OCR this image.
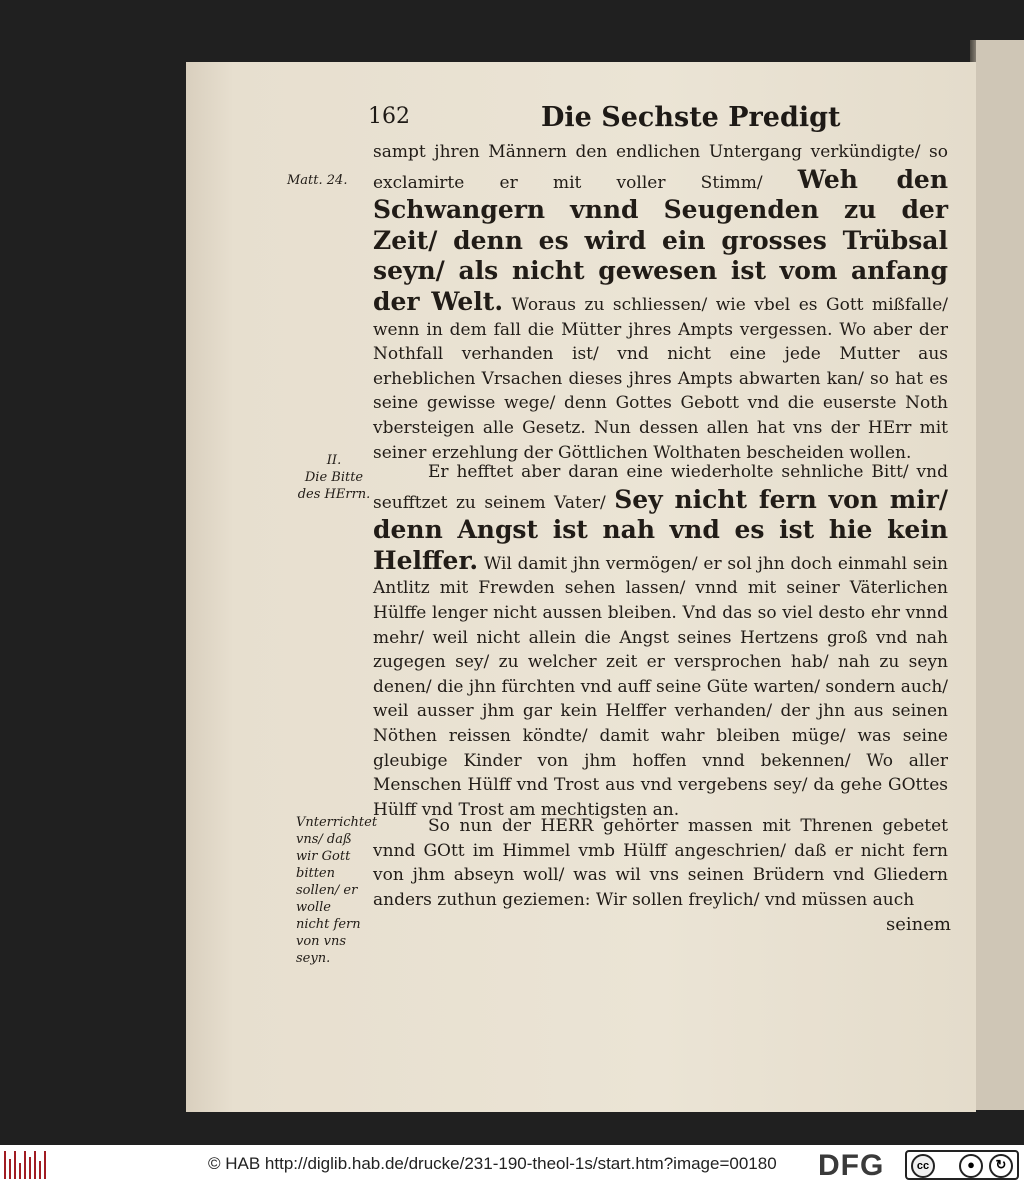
162	Die Sechste Predigt
Matt. 24.
sampt jhren Männern den endlichen Untergang verkündigte/ so exclamirte er mit voller Stimm/ Weh den Schwangern vnnd Seugenden zu der Zeit/ denn es wird ein grosses Trübsal seyn/ als nicht gewesen ist vom anfang der Welt. Woraus zu schliessen/ wie vbel es Gott mißfalle/ wenn in dem fall die Mütter jhres Ampts vergessen. Wo aber der Nothfall verhanden ist/ vnd nicht eine jede Mutter aus erheblichen Vrsachen dieses jhres Ampts abwarten kan/ so hat es seine gewisse wege/ denn Gottes Gebott vnd die euserste Noth vbersteigen alle Gesetz. Nun dessen allen hat vns der HErr mit seiner erzehlung der Göttlichen Wolthaten bescheiden wollen.
II.
Die Bitte des HErrn.
Er hefftet aber daran eine wiederholte sehnliche Bitt/ vnd seufftzet zu seinem Vater/ Sey nicht fern von mir/ denn Angst ist nah vnd es ist hie kein Helffer. Wil damit jhn vermögen/ er sol jhn doch einmahl sein Antlitz mit Frewden sehen lassen/ vnnd mit seiner Väterlichen Hülffe lenger nicht aussen bleiben. Vnd das so viel desto ehr vnnd mehr/ weil nicht allein die Angst seines Hertzens groß vnd nah zugegen sey/ zu welcher zeit er versprochen hab/ nah zu seyn denen/ die jhn fürchten vnd auff seine Güte warten/ sondern auch/ weil ausser jhm gar kein Helffer verhanden/ der jhn aus seinen Nöthen reissen köndte/ damit wahr bleiben müge/ was seine gleubige Kinder von jhm hoffen vnnd bekennen/ Wo aller Menschen Hülff vnd Trost aus vnd vergebens sey/ da gehe GOttes Hülff vnd Trost am mechtigsten an.
Vnterrichtet vns/ daß wir Gott bitten sollen/ er wolle nicht fern von vns seyn.
So nun der HERR gehörter massen mit Threnen gebetet vnnd GOtt im Himmel vmb Hülff angeschrien/ daß er nicht fern von jhm abseyn woll/ was wil vns seinen Brüdern vnd Gliedern anders zuthun geziemen: Wir sollen freylich/ vnd müssen auch
seinem
© HAB http://diglib.hab.de/drucke/231-190-theol-1s/start.htm?image=00180 DFG	cc	●	↻
